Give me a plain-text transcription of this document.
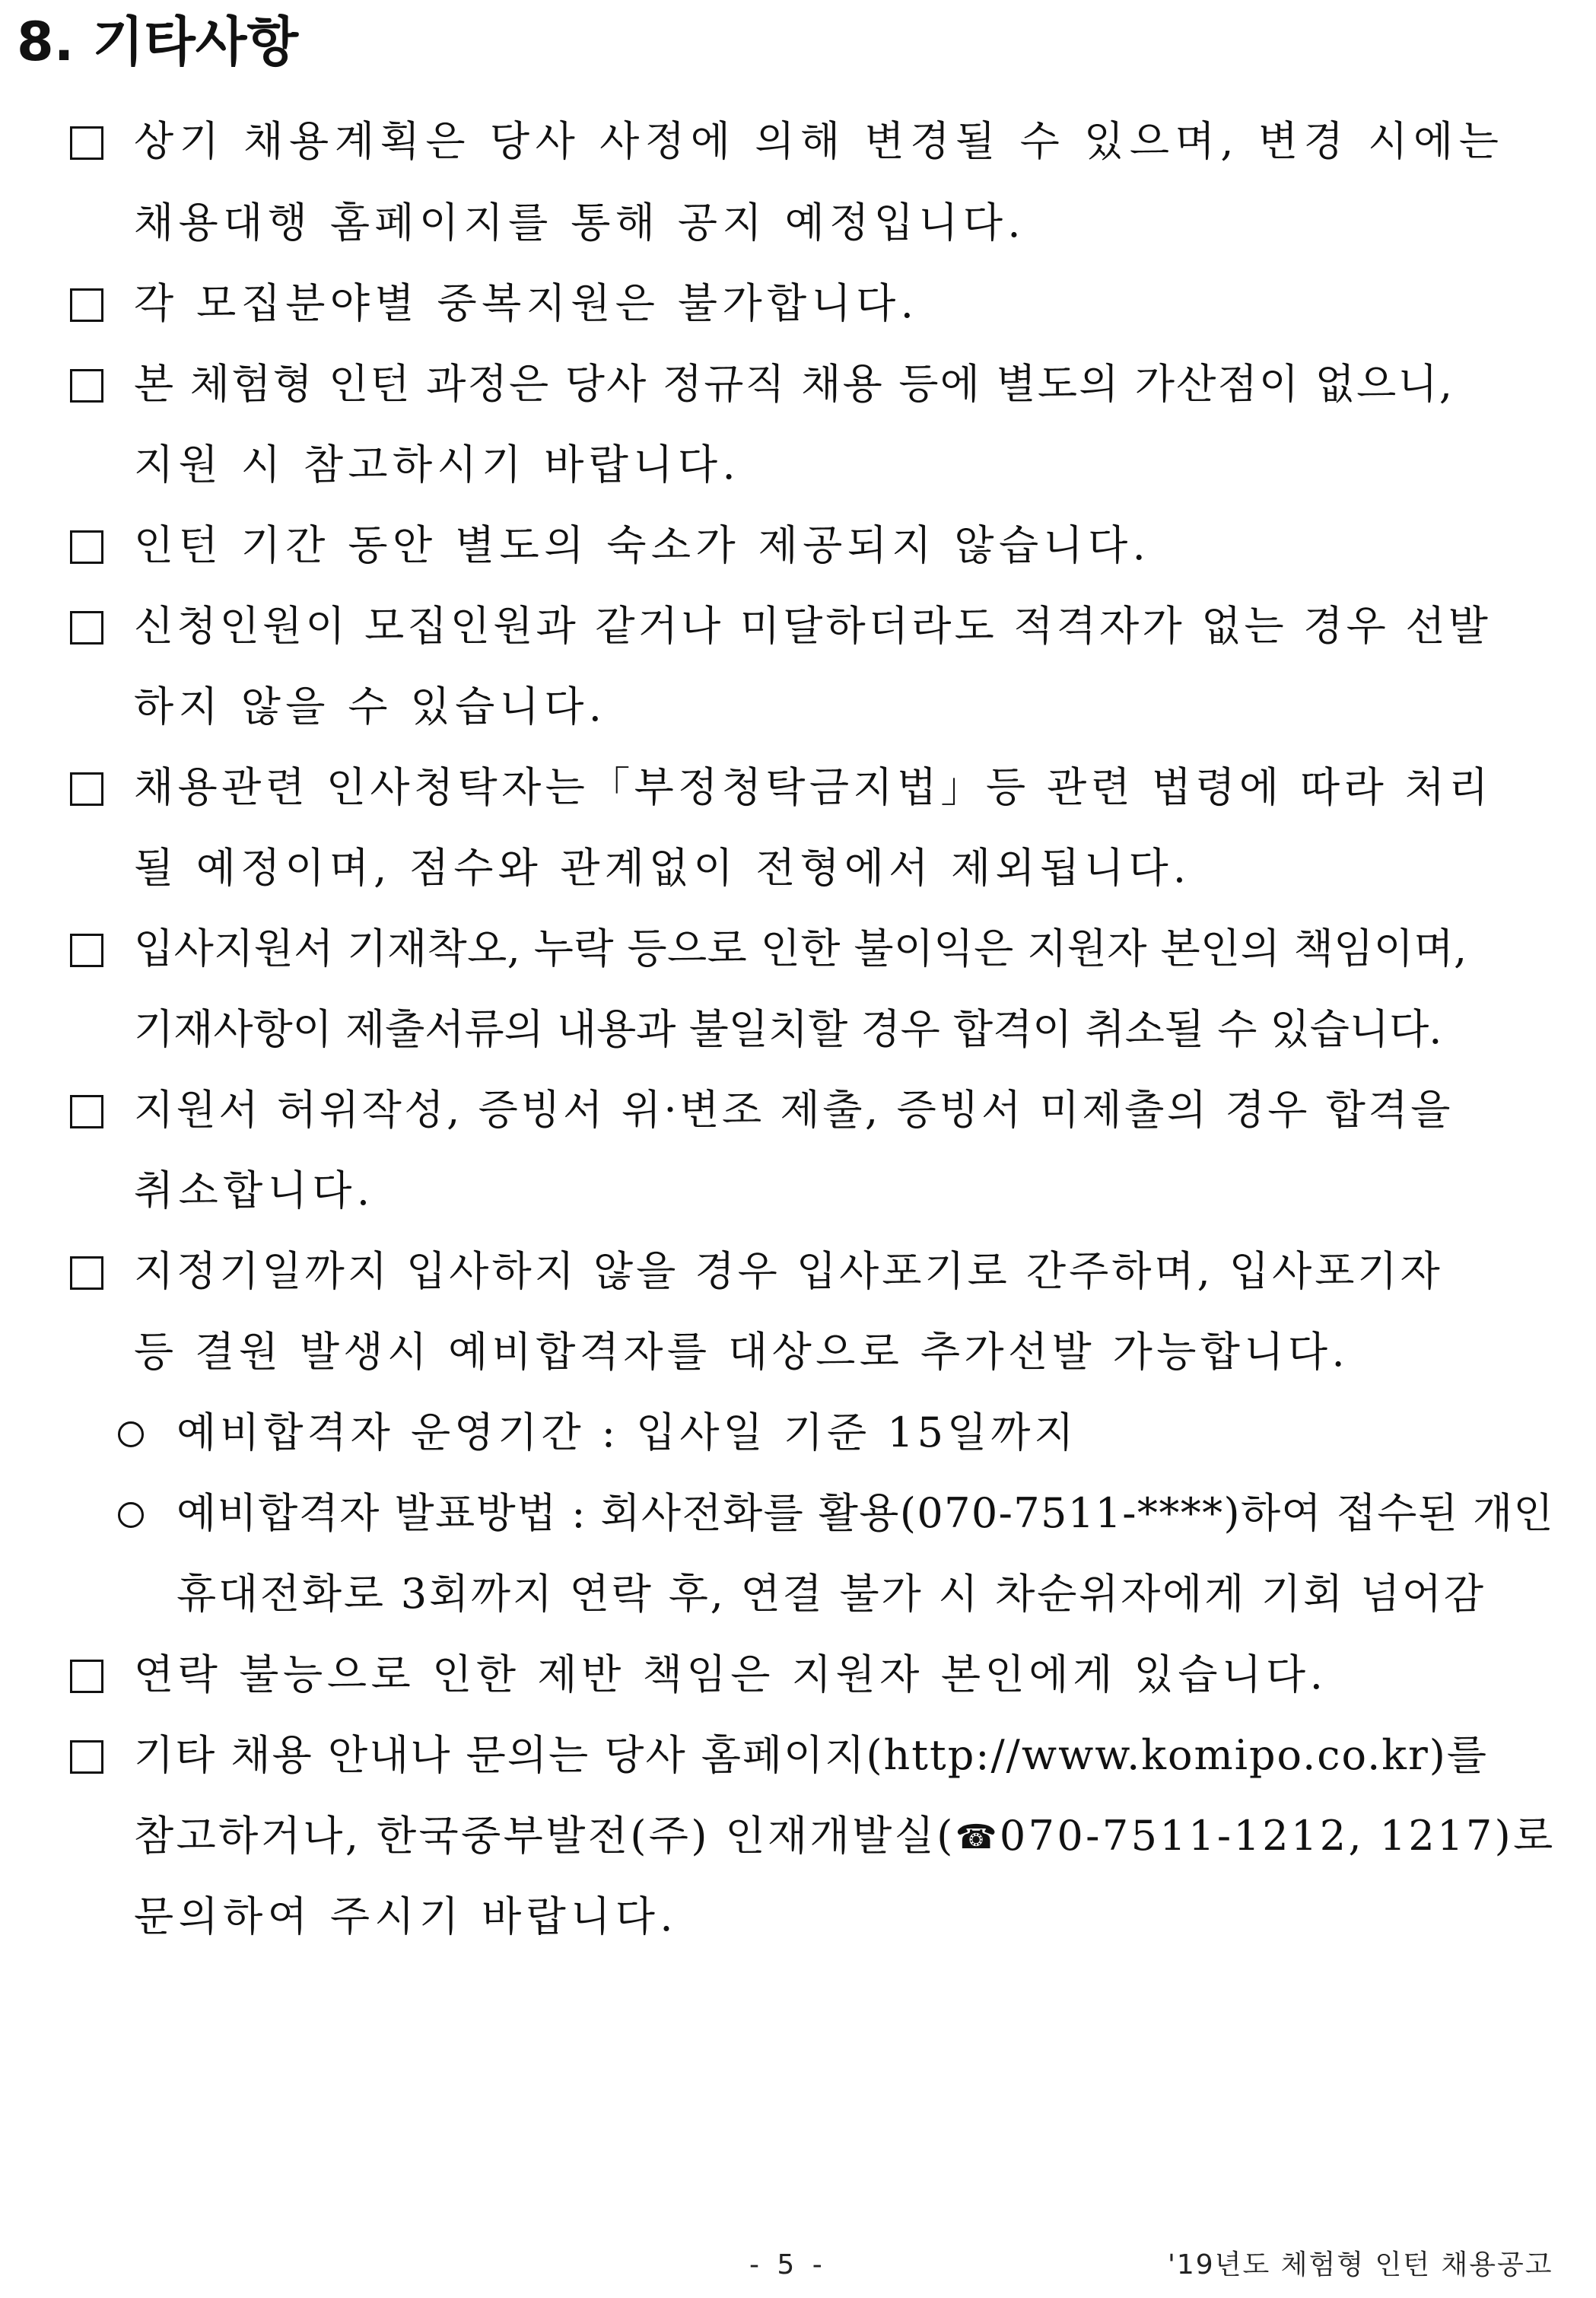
8. 기타사항
상기 채용계획은 당사 사정에 의해 변경될 수 있으며, 변경 시에는
채용대행 홈페이지를 통해 공지 예정입니다.
각 모집분야별 중복지원은 불가합니다.
본 체험형 인턴 과정은 당사 정규직 채용 등에 별도의 가산점이 없으니,
지원 시 참고하시기 바랍니다.
인턴 기간 동안 별도의 숙소가 제공되지 않습니다.
신청인원이 모집인원과 같거나 미달하더라도 적격자가 없는 경우 선발
하지 않을 수 있습니다.
채용관련 인사청탁자는「부정청탁금지법」등 관련 법령에 따라 처리
될 예정이며, 점수와 관계없이 전형에서 제외됩니다.
입사지원서 기재착오, 누락 등으로 인한 불이익은 지원자 본인의 책임이며,
기재사항이 제출서류의 내용과 불일치할 경우 합격이 취소될 수 있습니다.
지원서 허위작성, 증빙서 위·변조 제출, 증빙서 미제출의 경우 합격을
취소합니다.
지정기일까지 입사하지 않을 경우 입사포기로 간주하며, 입사포기자
등 결원 발생시 예비합격자를 대상으로 추가선발 가능합니다.
예비합격자 운영기간 : 입사일 기준 15일까지
예비합격자 발표방법 : 회사전화를 활용(070-7511-****)하여 접수된 개인
휴대전화로 3회까지 연락 후, 연결 불가 시 차순위자에게 기회 넘어감
연락 불능으로 인한 제반 책임은 지원자 본인에게 있습니다.
기타 채용 안내나 문의는 당사 홈페이지(http://www.komipo.co.kr)를
참고하거나, 한국중부발전(주) 인재개발실(☎070-7511-1212, 1217)로
문의하여 주시기 바랍니다.
- 5 -	'19년도 체험형 인턴 채용공고
